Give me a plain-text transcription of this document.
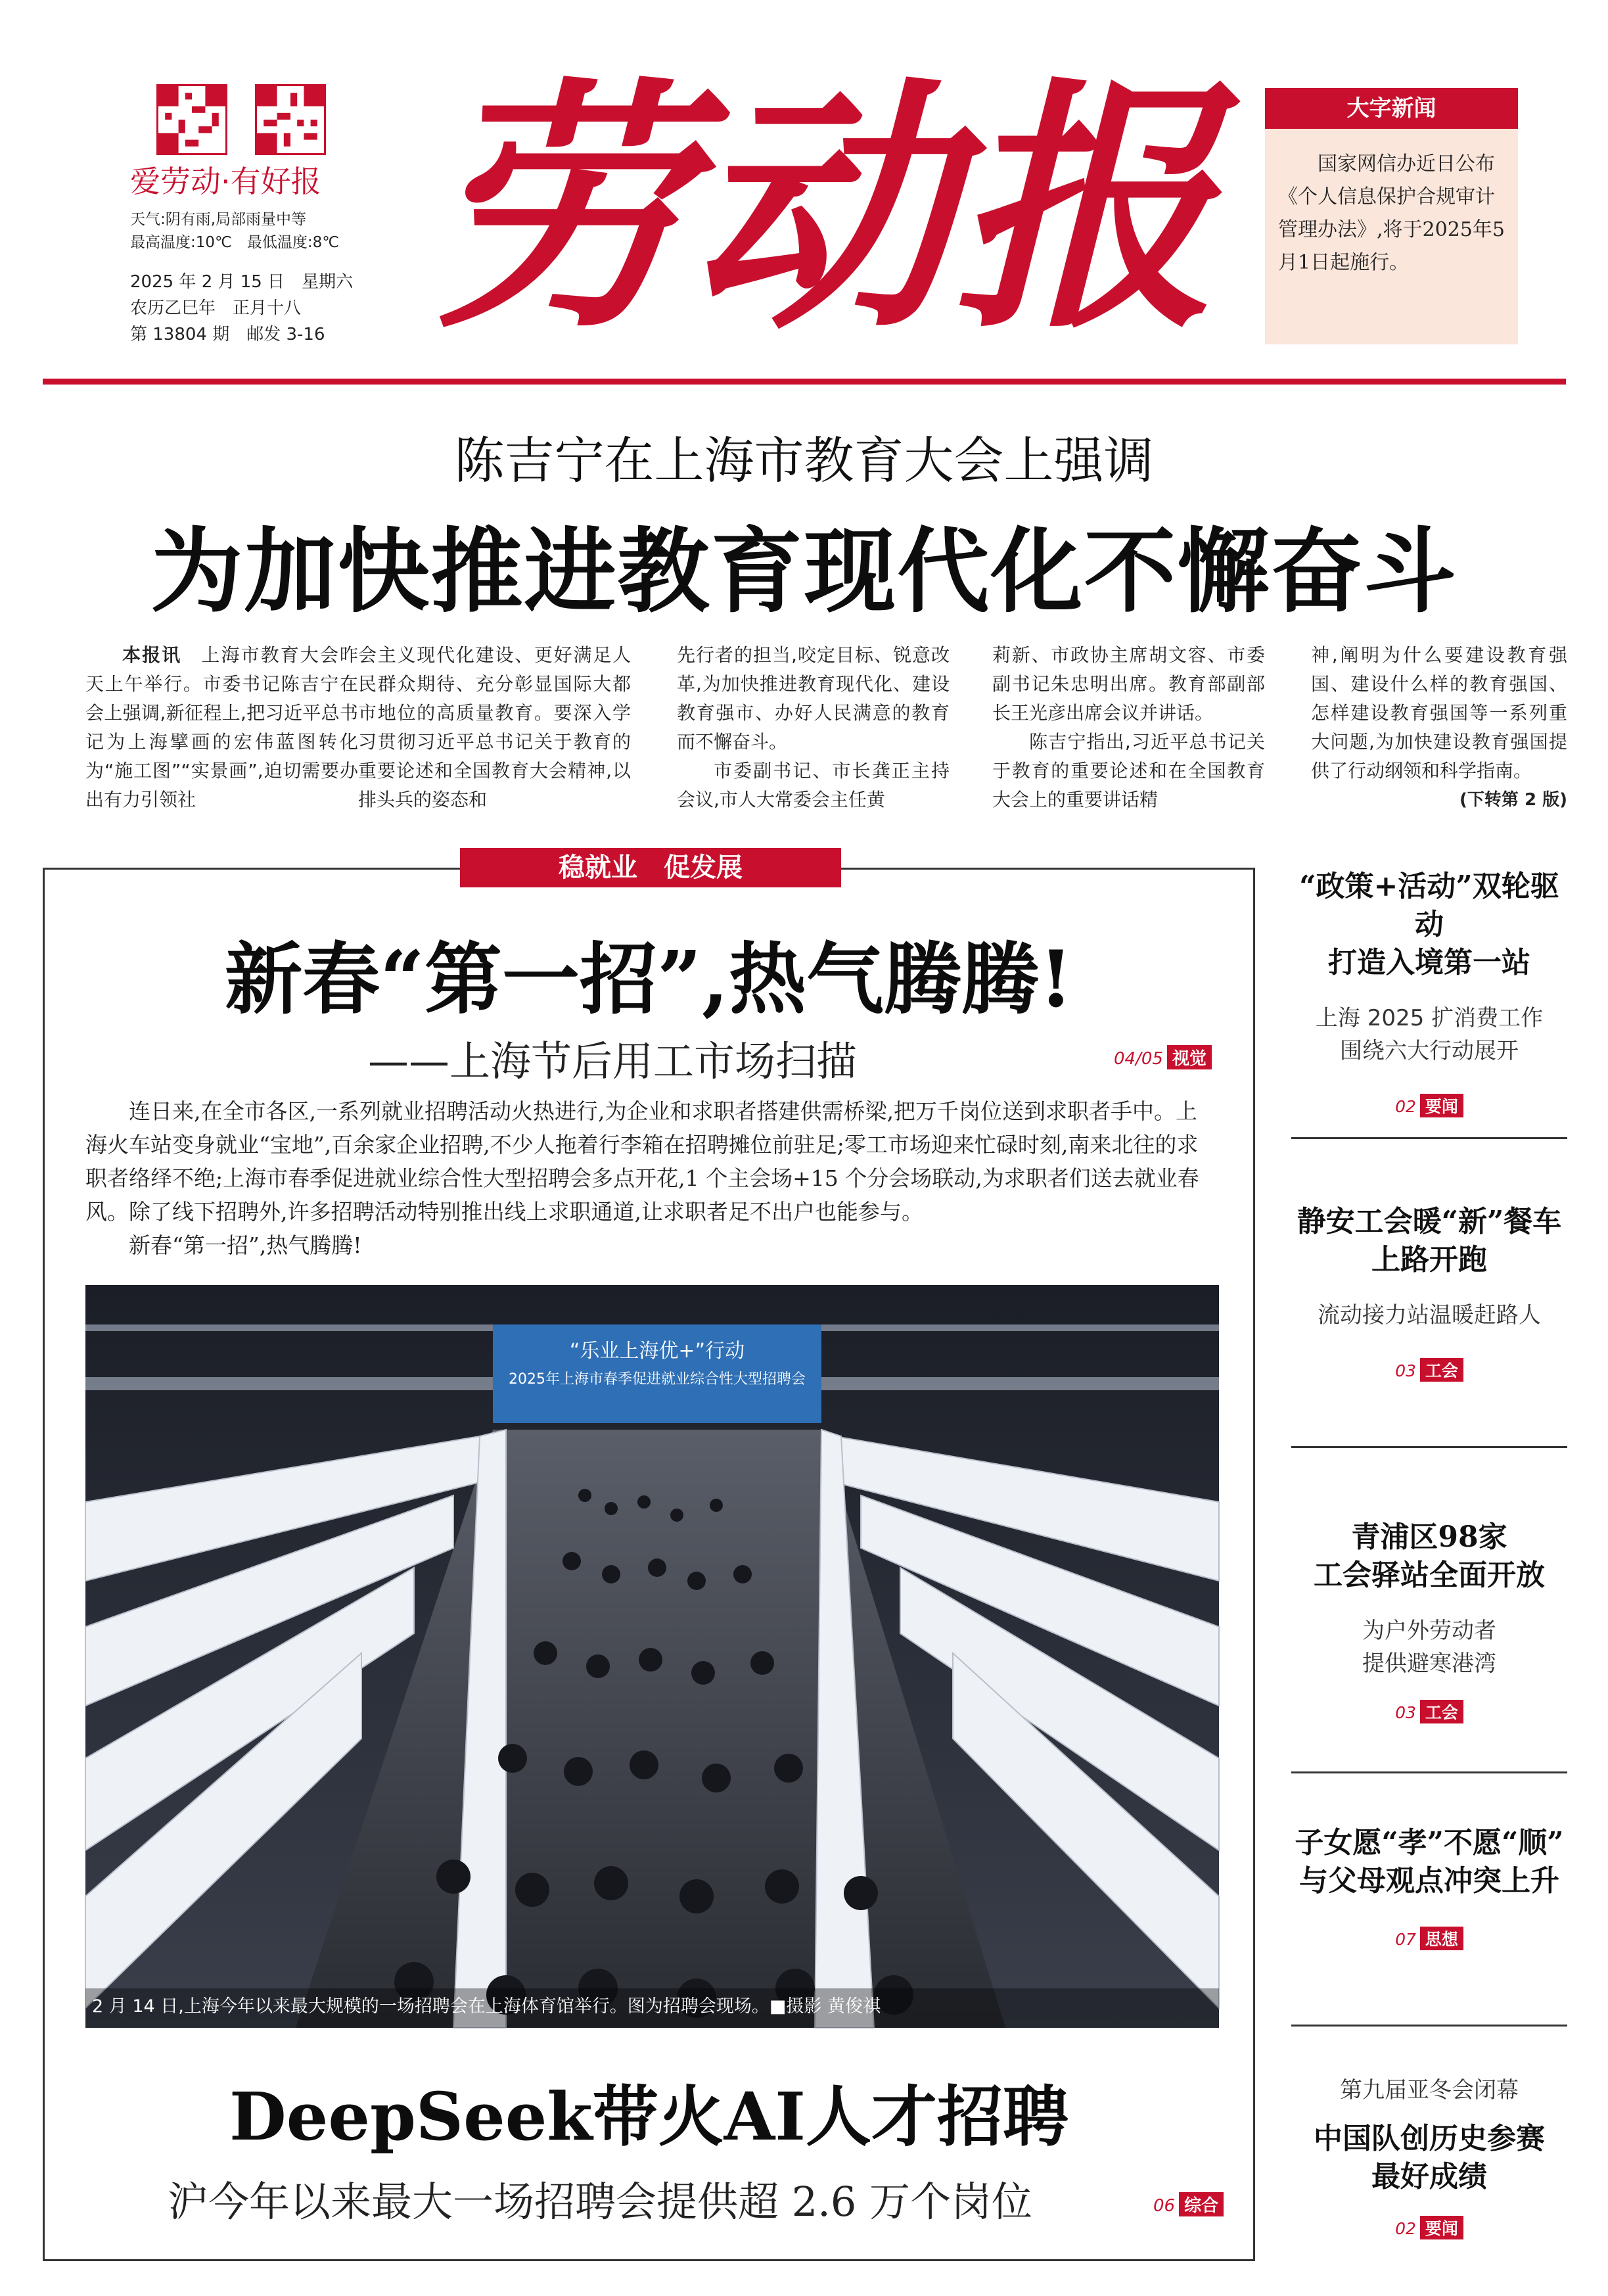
爱劳动·有好报
天气:阴有雨,局部雨量中等
最高温度:10℃　最低温度:8℃
2025 年 2 月 15 日　星期六
农历乙巳年　正月十八
第 13804 期　邮发 3-16 劳动报	大字新闻
国家网信办近日公布《个人信息保护合规审计管理办法》,将于2025年5月1日起施行。
陈吉宁在上海市教育大会上强调
为加快推进教育现代化不懈奋斗

本报讯　 上海市教育大会昨天上午举行。市委书记陈吉宁在会上强调,新征程上,把习近平总书记为上海擘画的宏伟蓝图转化为“施工图”“实景画”,迫切需要办出有力引领社

会主义现代化建设、更好满足人民群众期待、充分彰显国际大都市地位的高质量教育。要深入学习贯彻习近平总书记关于教育的重要论述和全国教育大会精神,以排头兵的姿态和

先行者的担当,咬定目标、锐意改革,为加快推进教育现代化、建设教育强市、办好人民满意的教育而不懈奋斗。

市委副书记、市长龚正主持会议,市人大常委会主任黄

莉新、市政协主席胡文容、市委副书记朱忠明出席。教育部副部长王光彦出席会议并讲话。

陈吉宁指出,习近平总书记关于教育的重要论述和在全国教育大会上的重要讲话精

神,阐明为什么要建设教育强国、建设什么样的教育强国、怎样建设教育强国等一系列重大问题,为加快建设教育强国提供了行动纲领和科学指南。

(下转第 2 版)
稳就业　促发展
新春“第一招”,热气腾腾!
——上海节后用工市场扫描	04/05 视觉

连日来,在全市各区,一系列就业招聘活动火热进行,为企业和求职者搭建供需桥梁,把万千岗位送到求职者手中。上海火车站变身就业“宝地”,百余家企业招聘,不少人拖着行李箱在招聘摊位前驻足;零工市场迎来忙碌时刻,南来北往的求职者络绎不绝;上海市春季促进就业综合性大型招聘会多点开花,1 个主会场+15 个分会场联动,为求职者们送去就业春风。除了线下招聘外,许多招聘活动特别推出线上求职通道,让求职者足不出户也能参与。

新春“第一招”,热气腾腾!

“乐业上海优+”行动
2025年上海市春季促进就业综合性大型招聘会
2 月 14 日,上海今年以来最大规模的一场招聘会在上海体育馆举行。图为招聘会现场。■摄影 黄俊祺
DeepSeek带火AI人才招聘
沪今年以来最大一场招聘会提供超 2.6 万个岗位	06 综合
“政策+活动”双轮驱动
打造入境第一站
上海 2025 扩消费工作
围绕六大行动展开
02 要闻
静安工会暖“新”餐车
上路开跑
流动接力站温暖赶路人
03 工会
青浦区98家
工会驿站全面开放
为户外劳动者
提供避寒港湾
03 工会
子女愿“孝”不愿“顺”
与父母观点冲突上升
07 思想
第九届亚冬会闭幕
中国队创历史参赛
最好成绩
02 要闻
